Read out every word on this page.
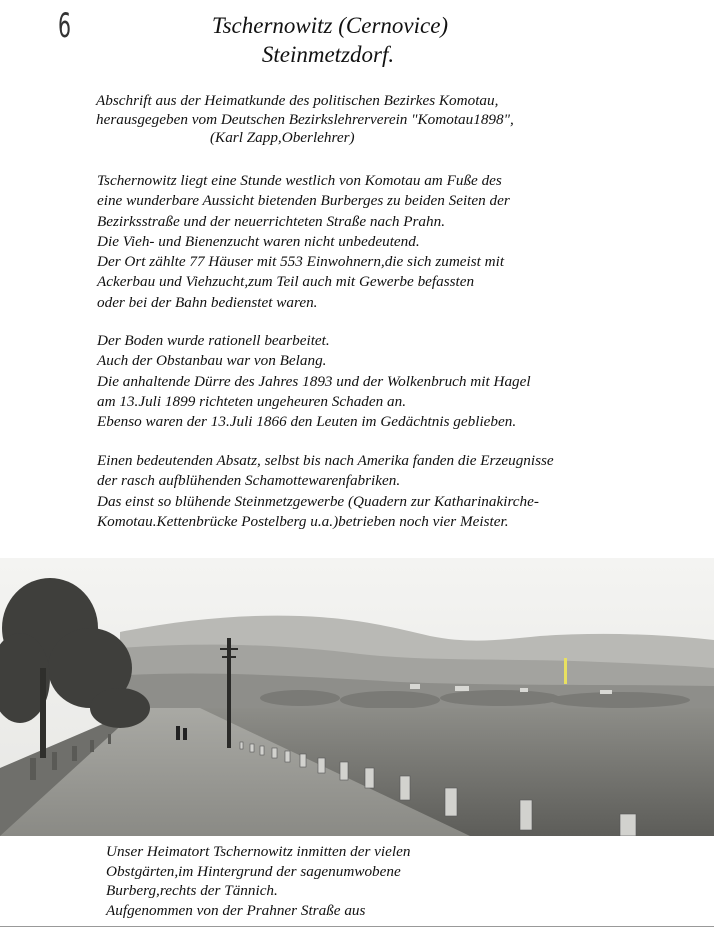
6	Tschernowitz (Cernovice)
Steinmetzdorf.
Abschrift aus der Heimatkunde des politischen Bezirkes Komotau,
herausgegeben vom Deutschen Bezirkslehrerverein "Komotau1898",
(Karl Zapp,Oberlehrer)
Tschernowitz liegt eine Stunde westlich von Komotau am Fuße des
eine wunderbare Aussicht bietenden Burberges zu beiden Seiten der
Bezirksstraße und der neuerrichteten Straße nach Prahn.
Die Vieh- und Bienenzucht waren nicht unbedeutend.
Der Ort zählte 77 Häuser mit 553 Einwohnern,die sich zumeist mit
Ackerbau und Viehzucht,zum Teil auch mit Gewerbe befassten
oder bei der Bahn bedienstet waren.
Der Boden wurde rationell bearbeitet.
Auch der Obstanbau war von Belang.
Die anhaltende Dürre des Jahres 1893 und der Wolkenbruch mit Hagel
am 13.Juli 1899 richteten ungeheuren Schaden an.
Ebenso waren der 13.Juli 1866 den Leuten im Gedächtnis geblieben.
Einen bedeutenden Absatz, selbst bis nach Amerika fanden die Erzeugnisse
der rasch aufblühenden Schamottewarenfabriken.
Das einst so blühende Steinmetzgewerbe (Quadern zur Katharinakirche-
Komotau.Kettenbrücke Postelberg u.a.)betrieben noch vier Meister.
Unser Heimatort Tschernowitz inmitten der vielen
Obstgärten,im Hintergrund der sagenumwobene
Burberg,rechts der Tännich.
Aufgenommen von der Prahner Straße aus
